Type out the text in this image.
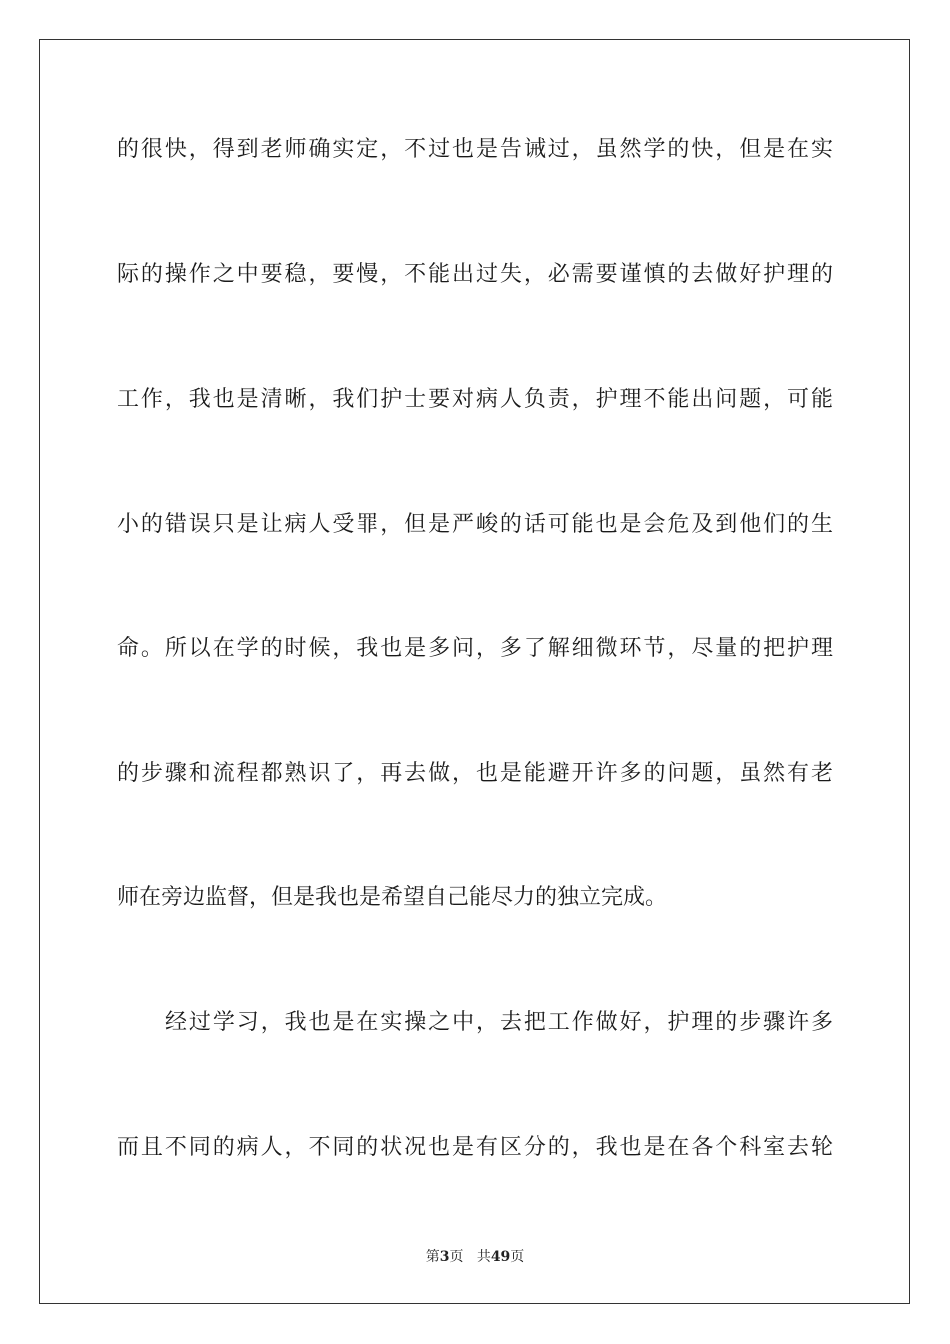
的很快，得到老师确实定，不过也是告诫过，虽然学的快，但是在实
际的操作之中要稳，要慢，不能出过失，必需要谨慎的去做好护理的
工作，我也是清晰，我们护士要对病人负责，护理不能出问题，可能
小的错误只是让病人受罪，但是严峻的话可能也是会危及到他们的生
命。所以在学的时候，我也是多问，多了解细微环节，尽量的把护理
的步骤和流程都熟识了，再去做，也是能避开许多的问题，虽然有老
师在旁边监督，但是我也是希望自己能尽力的独立完成。
经过学习，我也是在实操之中，去把工作做好，护理的步骤许多
而且不同的病人，不同的状况也是有区分的，我也是在各个科室去轮
第3页 共49页
